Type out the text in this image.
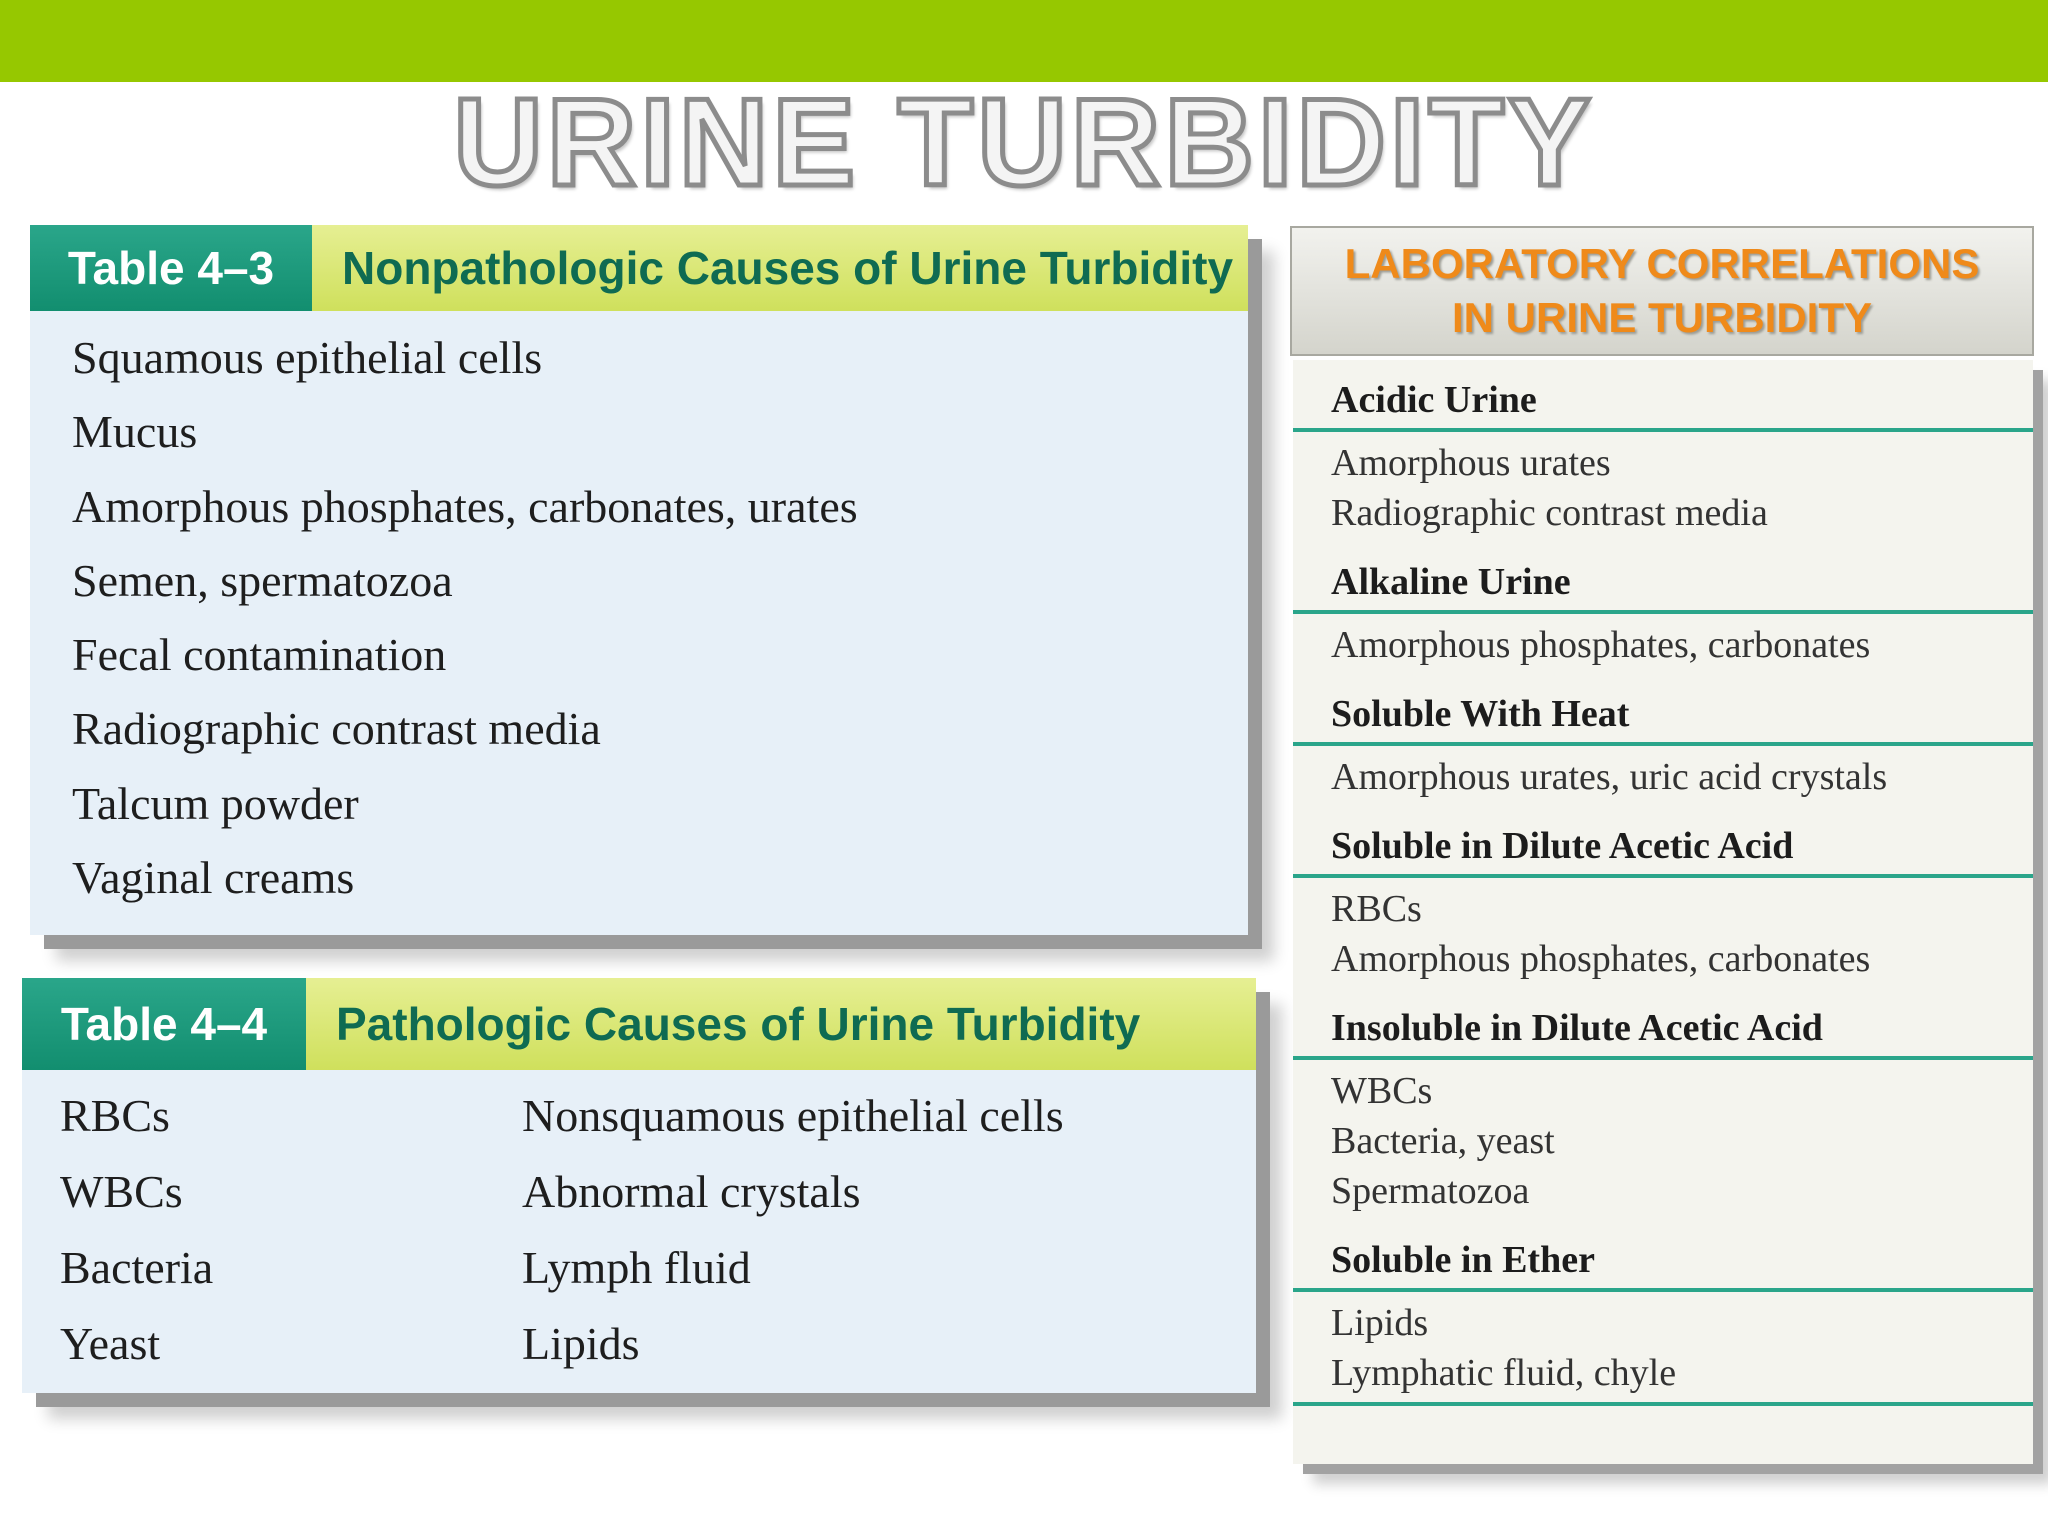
URINE TURBIDITY
Table 4–3	Nonpathologic Causes of Urine Turbidity
Squamous epithelial cells
Mucus
Amorphous phosphates, carbonates, urates
Semen, spermatozoa
Fecal contamination
Radiographic contrast media
Talcum powder
Vaginal creams
Table 4–4	Pathologic Causes of Urine Turbidity
RBCs
WBCs
Bacteria
Yeast
Nonsquamous epithelial cells
Abnormal crystals
Lymph fluid
Lipids
LABORATORY CORRELATIONS
IN URINE TURBIDITY
Acidic Urine
Amorphous urates
Radiographic contrast media
Alkaline Urine
Amorphous phosphates, carbonates
Soluble With Heat
Amorphous urates, uric acid crystals
Soluble in Dilute Acetic Acid
RBCs
Amorphous phosphates, carbonates
Insoluble in Dilute Acetic Acid
WBCs
Bacteria, yeast
Spermatozoa
Soluble in Ether
Lipids
Lymphatic fluid, chyle
